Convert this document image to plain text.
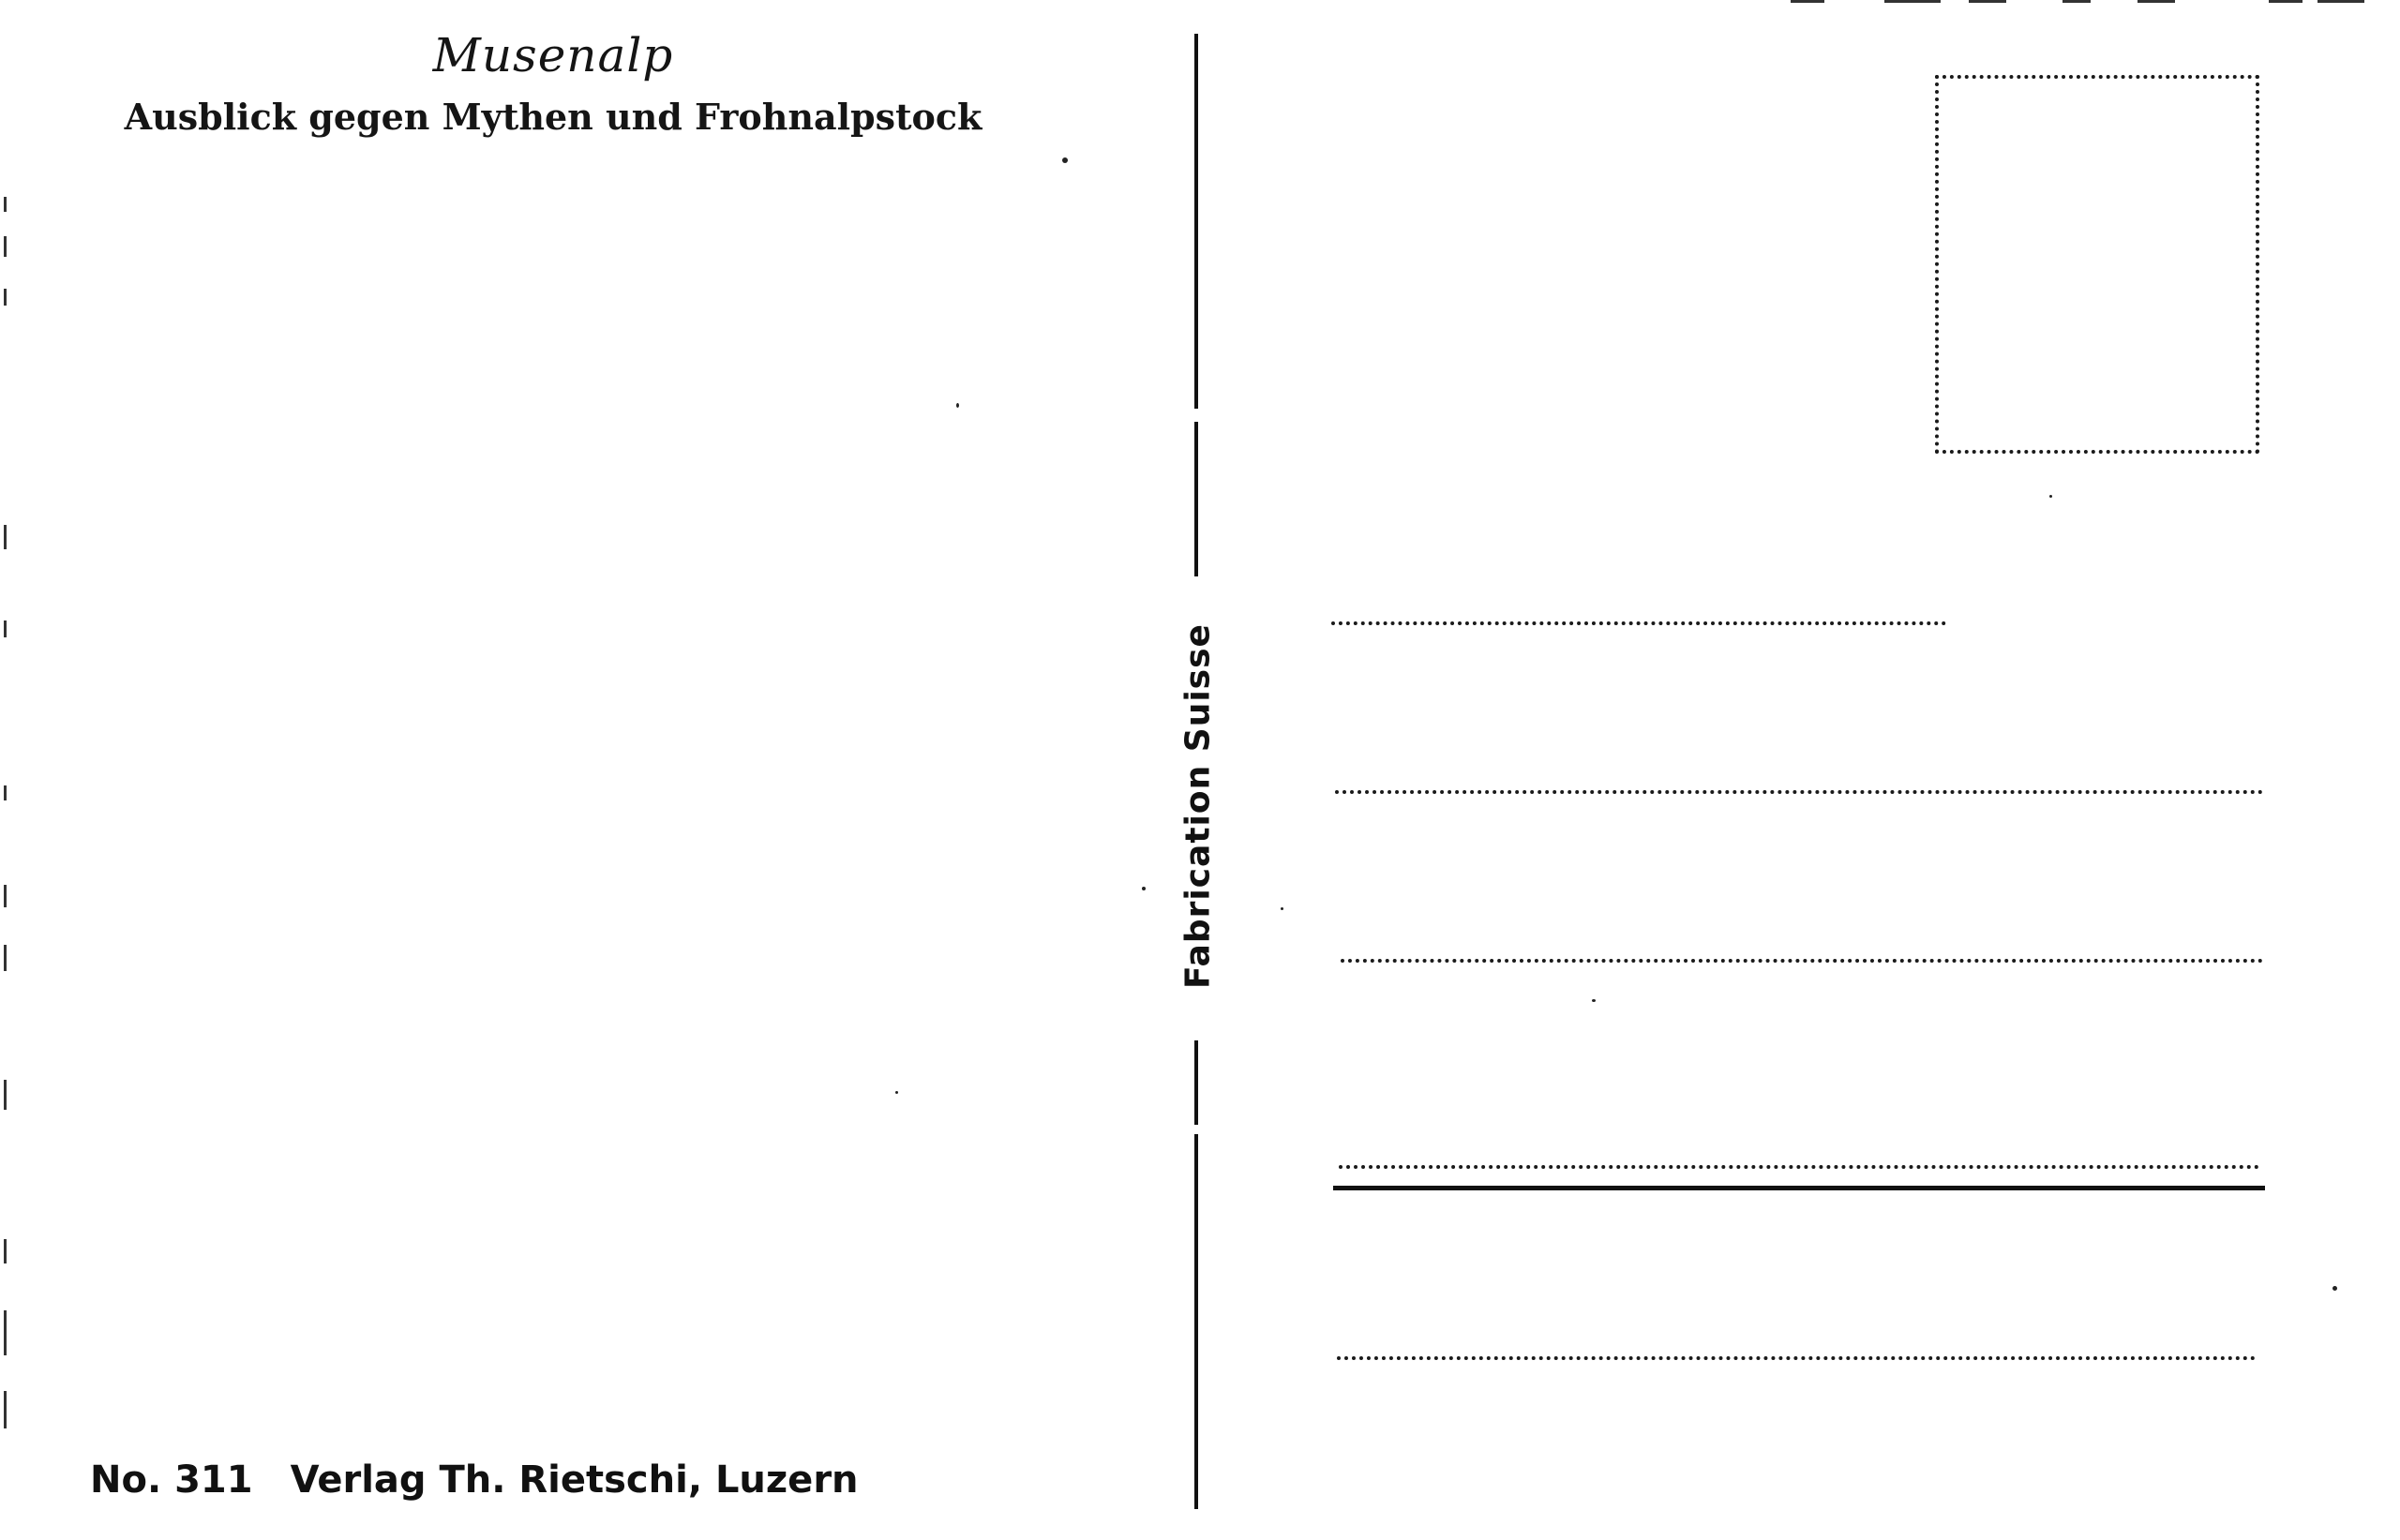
Musenalp
Ausblick gegen Mythen und Frohnalpstock
No. 311 Verlag Th. Rietschi, Luzern
Fabrication Suisse
